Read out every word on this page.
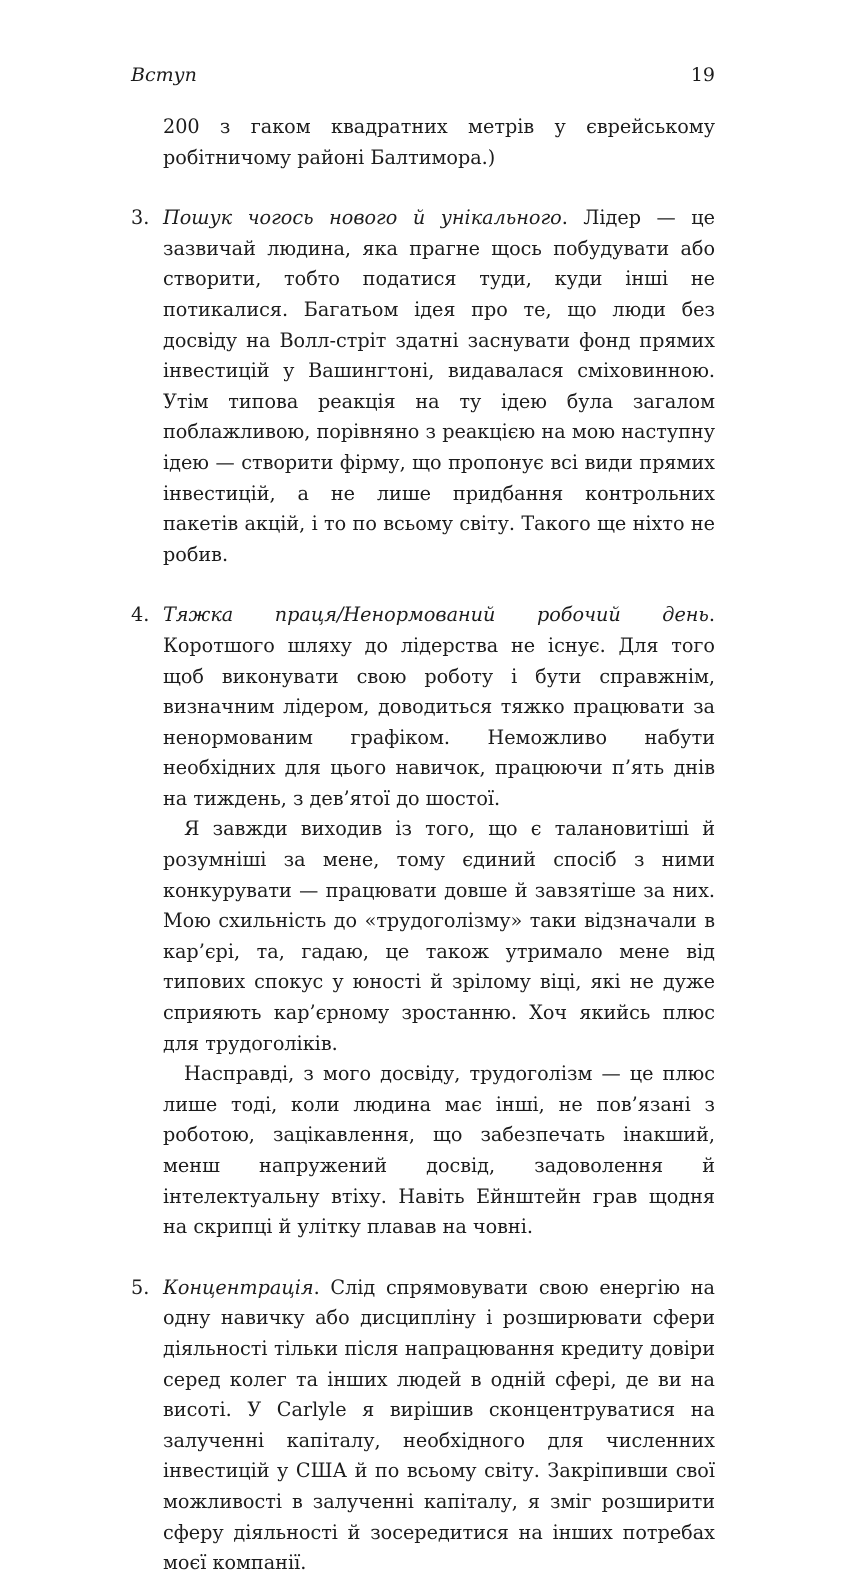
Вступ	19

200 з гаком квадратних метрів у єврейському робітничому районі Балтимора.)

3. Пошук чогось нового й унікального. Лідер — це зазвичай людина, яка прагне щось побудувати або створити, тобто податися туди, куди інші не потикалися. Багатьом ідея про те, що люди без досвіду на Волл-стріт здатні заснувати фонд прямих інвестицій у Вашингтоні, видавалася сміховинною. Утім типова реакція на ту ідею була загалом поблажливою, порівняно з реакцією на мою наступну ідею — створити фірму, що пропонує всі види прямих інвестицій, а не лише придбання контрольних пакетів акцій, і то по всьому світу. Такого ще ніхто не робив.

4. Тяжка праця/Ненормований робочий день. Коротшого шляху до лідерства не існує. Для того щоб виконувати свою роботу і бути справжнім, визначним лідером, доводиться тяжко працювати за ненормованим графіком. Неможливо набути необхідних для цього навичок, працюючи п’ять днів на тиждень, з дев’ятої до шостої.

Я завжди виходив із того, що є талановитіші й розумніші за мене, тому єдиний спосіб з ними конкурувати — працювати довше й завзятіше за них. Мою схильність до «трудоголізму» таки відзначали в кар’єрі, та, гадаю, це також утримало мене від типових спокус у юності й зрілому віці, які не дуже сприяють кар’єрному зростанню. Хоч якийсь плюс для трудоголіків.

Насправді, з мого досвіду, трудоголізм — це плюс лише тоді, коли людина має інші, не пов’язані з роботою, зацікавлення, що забезпечать інакший, менш напружений досвід, задоволення й інтелектуальну втіху. Навіть Ейнштейн грав щодня на скрипці й улітку плавав на човні.

5. Концентрація. Слід спрямовувати свою енергію на одну навичку або дисципліну і розширювати сфери діяльності тільки після напрацювання кредиту довіри серед колег та інших людей в одній сфері, де ви на висоті. У Carlyle я вирішив сконцентруватися на залученні капіталу, необхідного для численних інвестицій у США й по всьому світу. Закріпивши свої можливості в залученні капіталу, я зміг розширити сферу діяльності й зосередитися на інших потребах моєї компанії.
